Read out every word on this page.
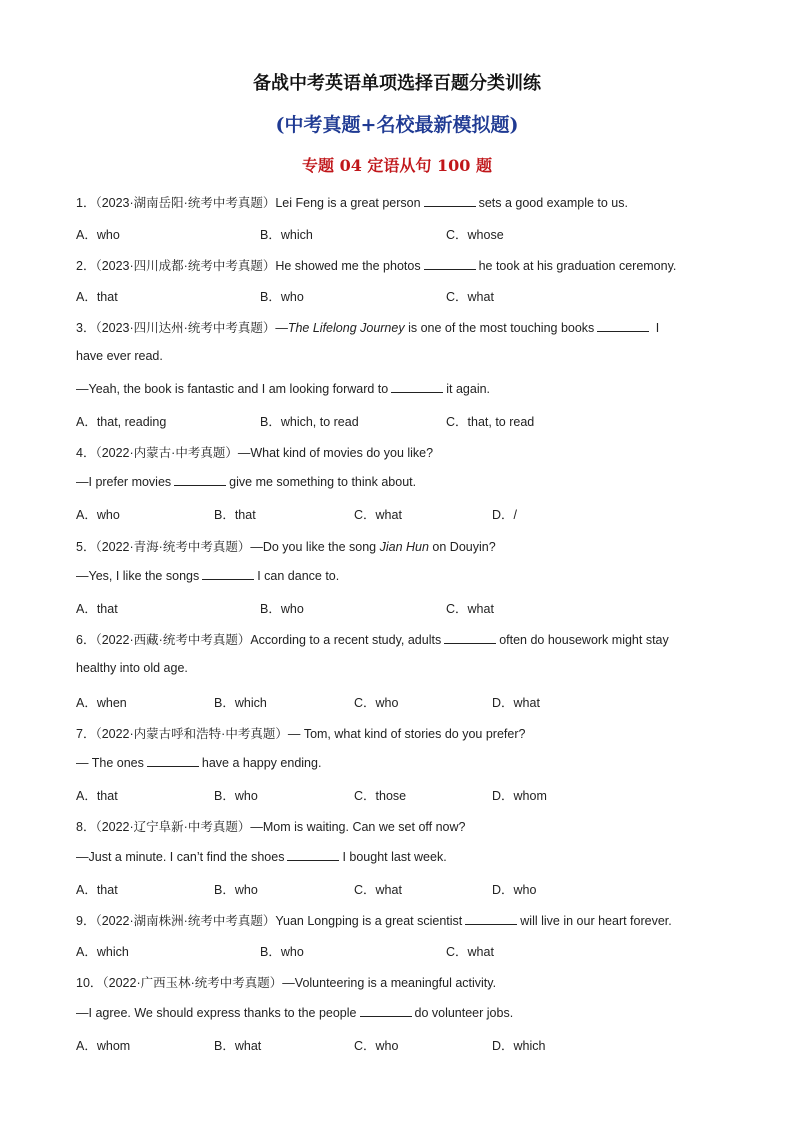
备战中考英语单项选择百题分类训练
(中考真题+名校最新模拟题)
专题 04 定语从句 100 题
1．（2023·湖南岳阳·统考中考真题）Lei Feng is a great person	sets a good example to us.
A．who	B．which	C．whose
2．（2023·四川成都·统考中考真题）He showed me the photos	he took at his graduation ceremony.
A．that	B．who	C．what
3．（2023·四川达州·统考中考真题）—The Lifelong Journey is one of the most touching books	I
have ever read.
—Yeah, the book is fantastic and I am looking forward to	it again.
A．that, reading	B．which, to read	C．that, to read
4．（2022·内蒙古·中考真题）—What kind of movies do you like?
—I prefer movies	give me something to think about.
A．who	B．that	C．what	D．/
5．（2022·青海·统考中考真题）—Do you like the song Jian Hun on Douyin?
—Yes, I like the songs	I can dance to.
A．that	B．who	C．what
6．（2022·西藏·统考中考真题）According to a recent study, adults	often do housework might stay
healthy into old age.
A．when	B．which	C．who	D．what
7．（2022·内蒙古呼和浩特·中考真题）— Tom, what kind of stories do you prefer?
— The ones	have a happy ending.
A．that	B．who	C．those	D．whom
8．（2022·辽宁阜新·中考真题）—Mom is waiting. Can we set off now?
—Just a minute. I can’t find the shoes	I bought last week.
A．that	B．who	C．what	D．who
9．（2022·湖南株洲·统考中考真题）Yuan Longping is a great scientist	will live in our heart forever.
A．which	B．who	C．what
10．（2022·广西玉林·统考中考真题）—Volunteering is a meaningful activity.
—I agree. We should express thanks to the people	do volunteer jobs.
A．whom	B．what	C．who	D．which
